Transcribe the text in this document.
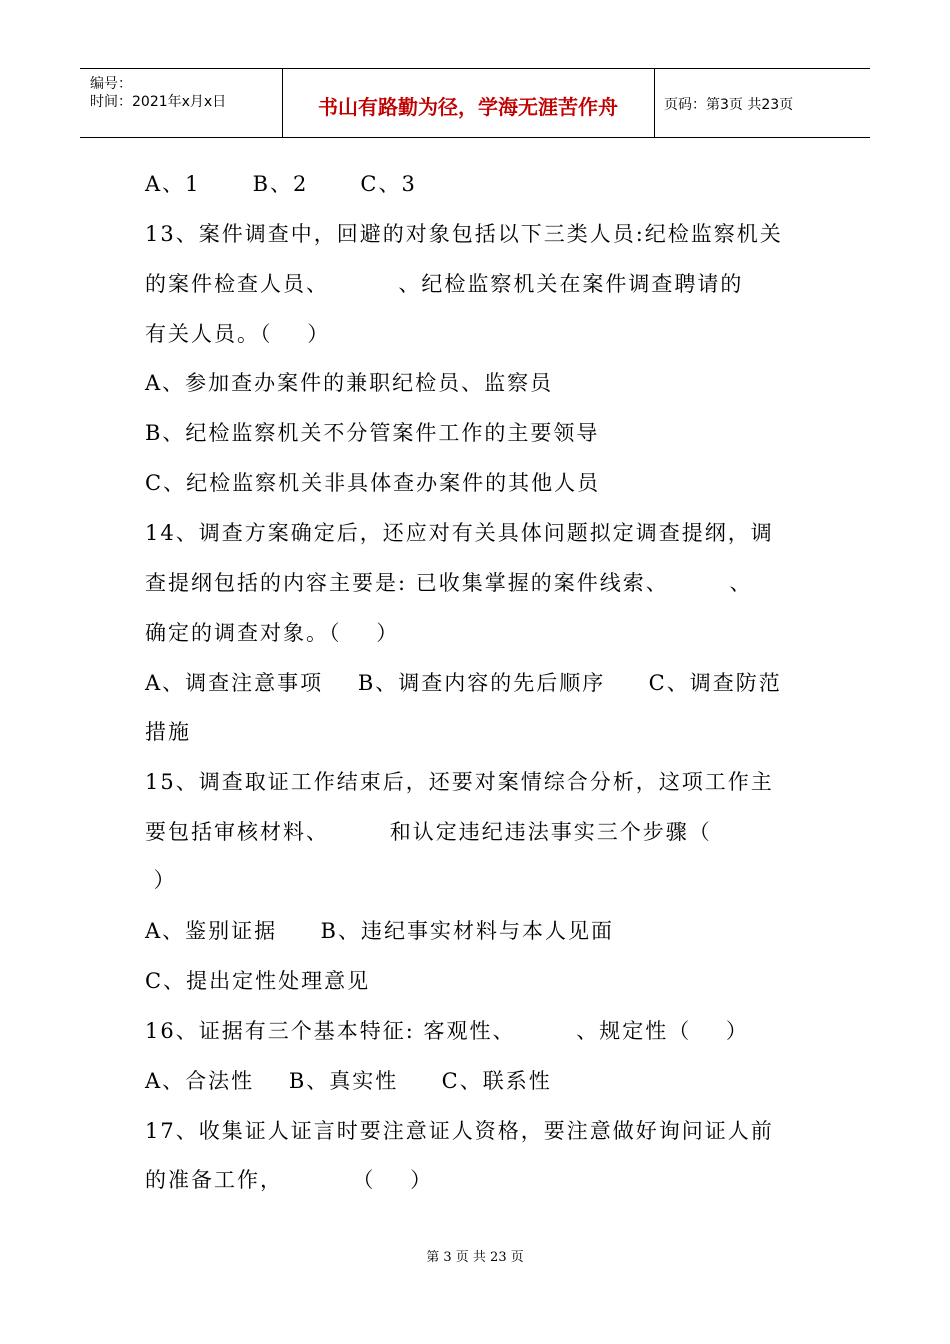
编号：
时间：2021年x月x日	书山有路勤为径，学海无涯苦作舟	页码：第3页 共23页
A、1      B、2      C、3
13、案件调查中，回避的对象包括以下三类人员:纪检监察机关
的案件检查人员、        、纪检监察机关在案件调查聘请的
有关人员。（    ）
A、参加查办案件的兼职纪检员、监察员
B、纪检监察机关不分管案件工作的主要领导
C、纪检监察机关非具体查办案件的其他人员
14、调查方案确定后，还应对有关具体问题拟定调查提纲，调
查提纲包括的内容主要是: 已收集掌握的案件线索、       、
确定的调查对象。（    ）
A、调查注意事项    B、调查内容的先后顺序     C、调查防范
措施
15、调查取证工作结束后，还要对案情综合分析，这项工作主
要包括审核材料、       和认定违纪违法事实三个步骤（
）
A、鉴别证据     B、违纪事实材料与本人见面
C、提出定性处理意见
16、证据有三个基本特征: 客观性、       、规定性（    ）
A、合法性    B、真实性     C、联系性
17、收集证人证言时要注意证人资格，要注意做好询问证人前
的准备工作，        （    ）
第 3 页 共 23 页
